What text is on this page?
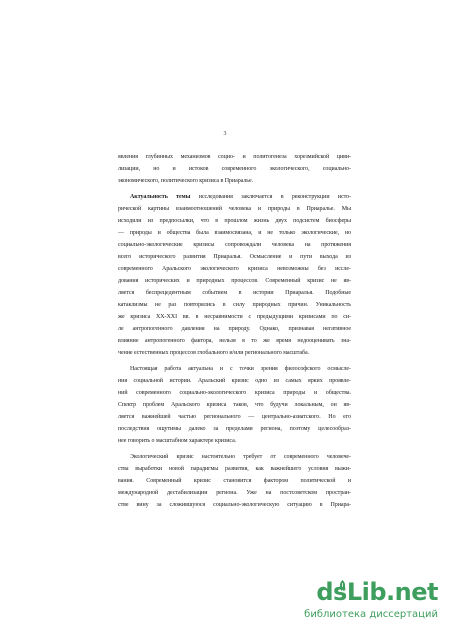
3
явления глубинных механизмов социо- и политогенеза хорезмийской циви-
лизации, но и истоков современного экологического, социально-
экономического, политического кризиса в Приаралье.
Актуальность темы исследования заключается в реконструкции исто-
рической картины взаимоотношений человека и природы в Приаралье. Мы
исходили из предпосылки, что в прошлом жизнь двух подсистем биосферы
— природы и общества была взаимосвязана, и не только экологические, но
социально-экологические кризисы сопровождали человека на протяжения
всего исторического развития Приаралья. Осмысление и пути выхода из
современного Аральского экологического кризиса невозможны без иссле-
дования исторических и природных процессов. Современный кризис не яв-
ляется беспрецедентным событием в истории Приаралья. Подобные
катаклизмы не раз повторялись в силу природных причин. Уникальность
же кризиса XX-XXI вв. в несравнимости с предыдущими кризисами по си-
ле антропогенного давления на природу. Однако, признавая негативное
влияние антропогенного фактора, нельзя в то же время недооценивать зна-
чение естественных процессов глобального и/или регионального масштаба.
Настоящая работа актуальна и с точки зрения философского осмысле-
ния социальной истории. Аральский кризис одно из самых ярких проявле-
ний современного социально-экологического кризиса природы и общества.
Спектр проблем Аральского кризиса таков, что будучи локальным, он яв-
ляется важнейшей частью регионального — центрально-азиатского. Но его
последствия ощутимы далеко за пределами региона, поэтому целесообраз-
нее говорить о масштабном характере кризиса.
Экологический кризис настоятельно требует от современного человече-
ства выработки новой парадигмы развития, как важнейшего условия выжи-
вания. Современный кризис становится фактором политической и
международной дестабилизации региона. Уже на постсоветском простран-
стве вину за сложившуюся социально-экологическую ситуацию в Приара-
dsLib.net
библиотека диссертаций
